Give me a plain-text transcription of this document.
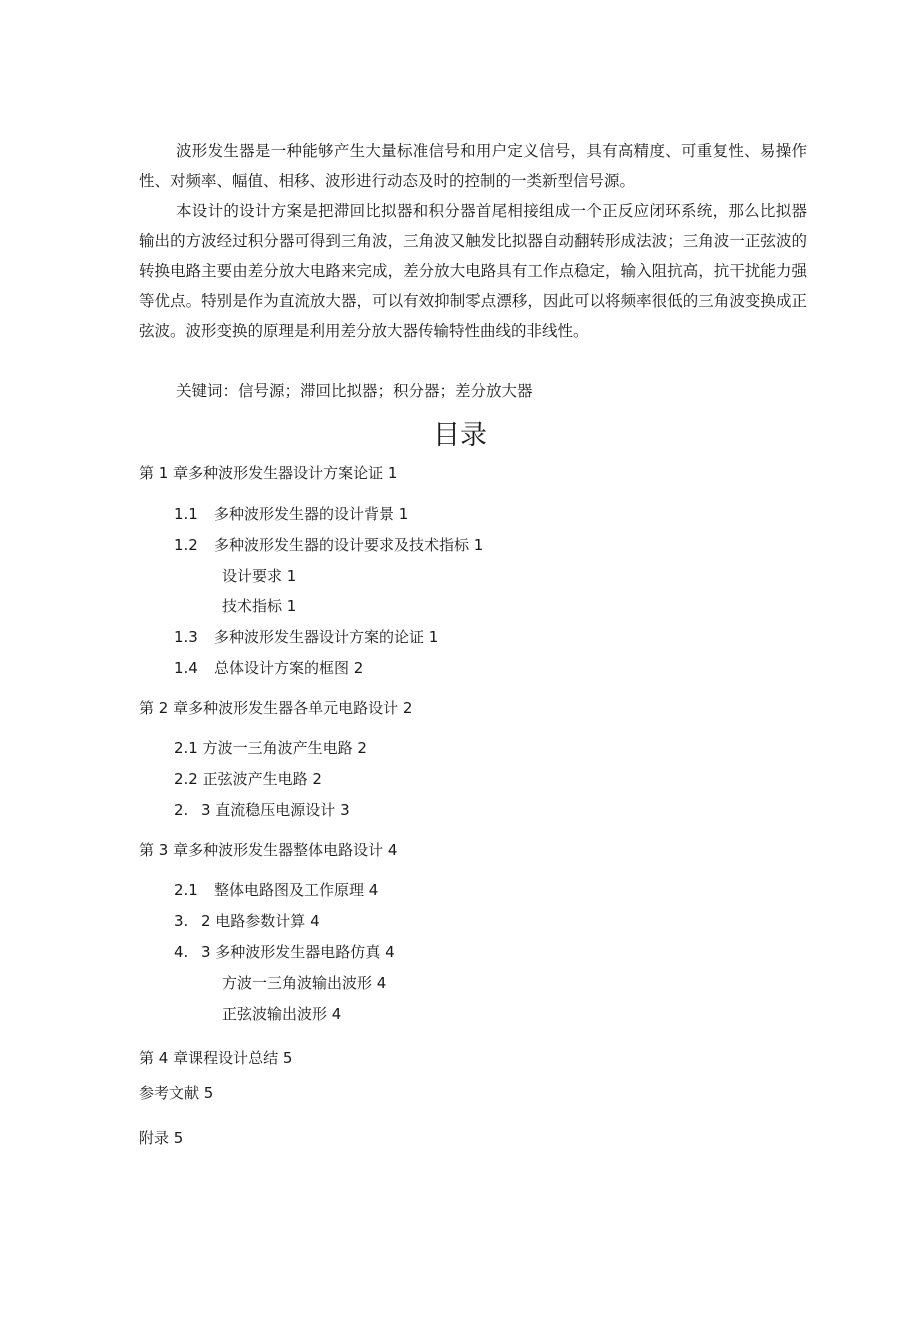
波形发生器是一种能够产生大量标准信号和用户定义信号，具有高精度、可重复性、易操作性、对频率、幅值、相移、波形进行动态及时的控制的一类新型信号源。

本设计的设计方案是把滞回比拟器和积分器首尾相接组成一个正反应闭环系统，那么比拟器输出的方波经过积分器可得到三角波，三角波又触发比拟器自动翻转形成法波；三角波一正弦波的转换电路主要由差分放大电路来完成，差分放大电路具有工作点稳定，输入阻抗高，抗干扰能力强等优点。特别是作为直流放大器，可以有效抑制零点漂移，因此可以将频率很低的三角波变换成正弦波。波形变换的原理是利用差分放大器传输特性曲线的非线性。

关键词：信号源；滞回比拟器；积分器；差分放大器

目录
第 1 章多种波形发生器设计方案论证 1
1.1 多种波形发生器的设计背景 1
1.2 多种波形发生器的设计要求及技术指标 1
设计要求 1
技术指标 1
1.3 多种波形发生器设计方案的论证 1
1.4 总体设计方案的框图 2
第 2 章多种波形发生器各单元电路设计 2
2.1 方波一三角波产生电路 2
2.2 正弦波产生电路 2
2. 3 直流稳压电源设计 3
第 3 章多种波形发生器整体电路设计 4
2.1 整体电路图及工作原理 4
3. 2 电路参数计算 4
4. 3 多种波形发生器电路仿真 4
方波一三角波输出波形 4
正弦波输出波形 4
第 4 章课程设计总结 5
参考文献 5
附录 5
